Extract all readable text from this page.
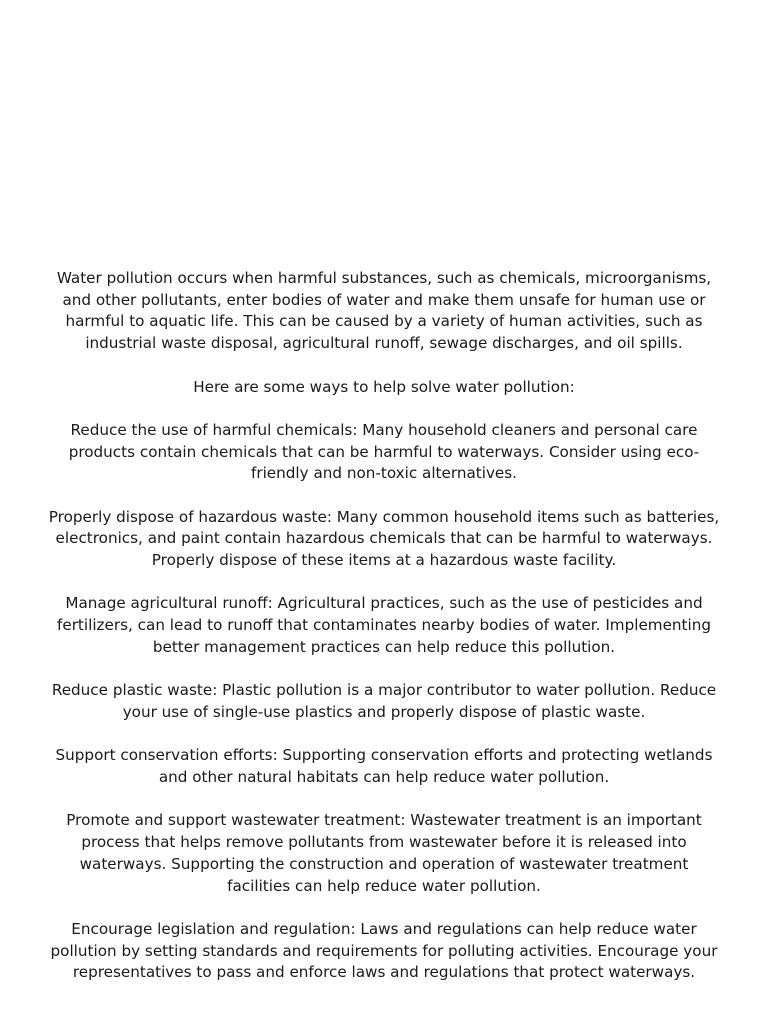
Water pollution occurs when harmful substances, such as chemicals, microorganisms, and other pollutants, enter bodies of water and make them unsafe for human use or harmful to aquatic life. This can be caused by a variety of human activities, such as industrial waste disposal, agricultural runoff, sewage discharges, and oil spills.

Here are some ways to help solve water pollution:

Reduce the use of harmful chemicals: Many household cleaners and personal care products contain chemicals that can be harmful to waterways. Consider using eco-friendly and non-toxic alternatives.

Properly dispose of hazardous waste: Many common household items such as batteries, electronics, and paint contain hazardous chemicals that can be harmful to waterways. Properly dispose of these items at a hazardous waste facility.

Manage agricultural runoff: Agricultural practices, such as the use of pesticides and fertilizers, can lead to runoff that contaminates nearby bodies of water. Implementing better management practices can help reduce this pollution.

Reduce plastic waste: Plastic pollution is a major contributor to water pollution. Reduce your use of single-use plastics and properly dispose of plastic waste.

Support conservation efforts: Supporting conservation efforts and protecting wetlands and other natural habitats can help reduce water pollution.

Promote and support wastewater treatment: Wastewater treatment is an important process that helps remove pollutants from wastewater before it is released into waterways. Supporting the construction and operation of wastewater treatment facilities can help reduce water pollution.

Encourage legislation and regulation: Laws and regulations can help reduce water pollution by setting standards and requirements for polluting activities. Encourage your representatives to pass and enforce laws and regulations that protect waterways.
